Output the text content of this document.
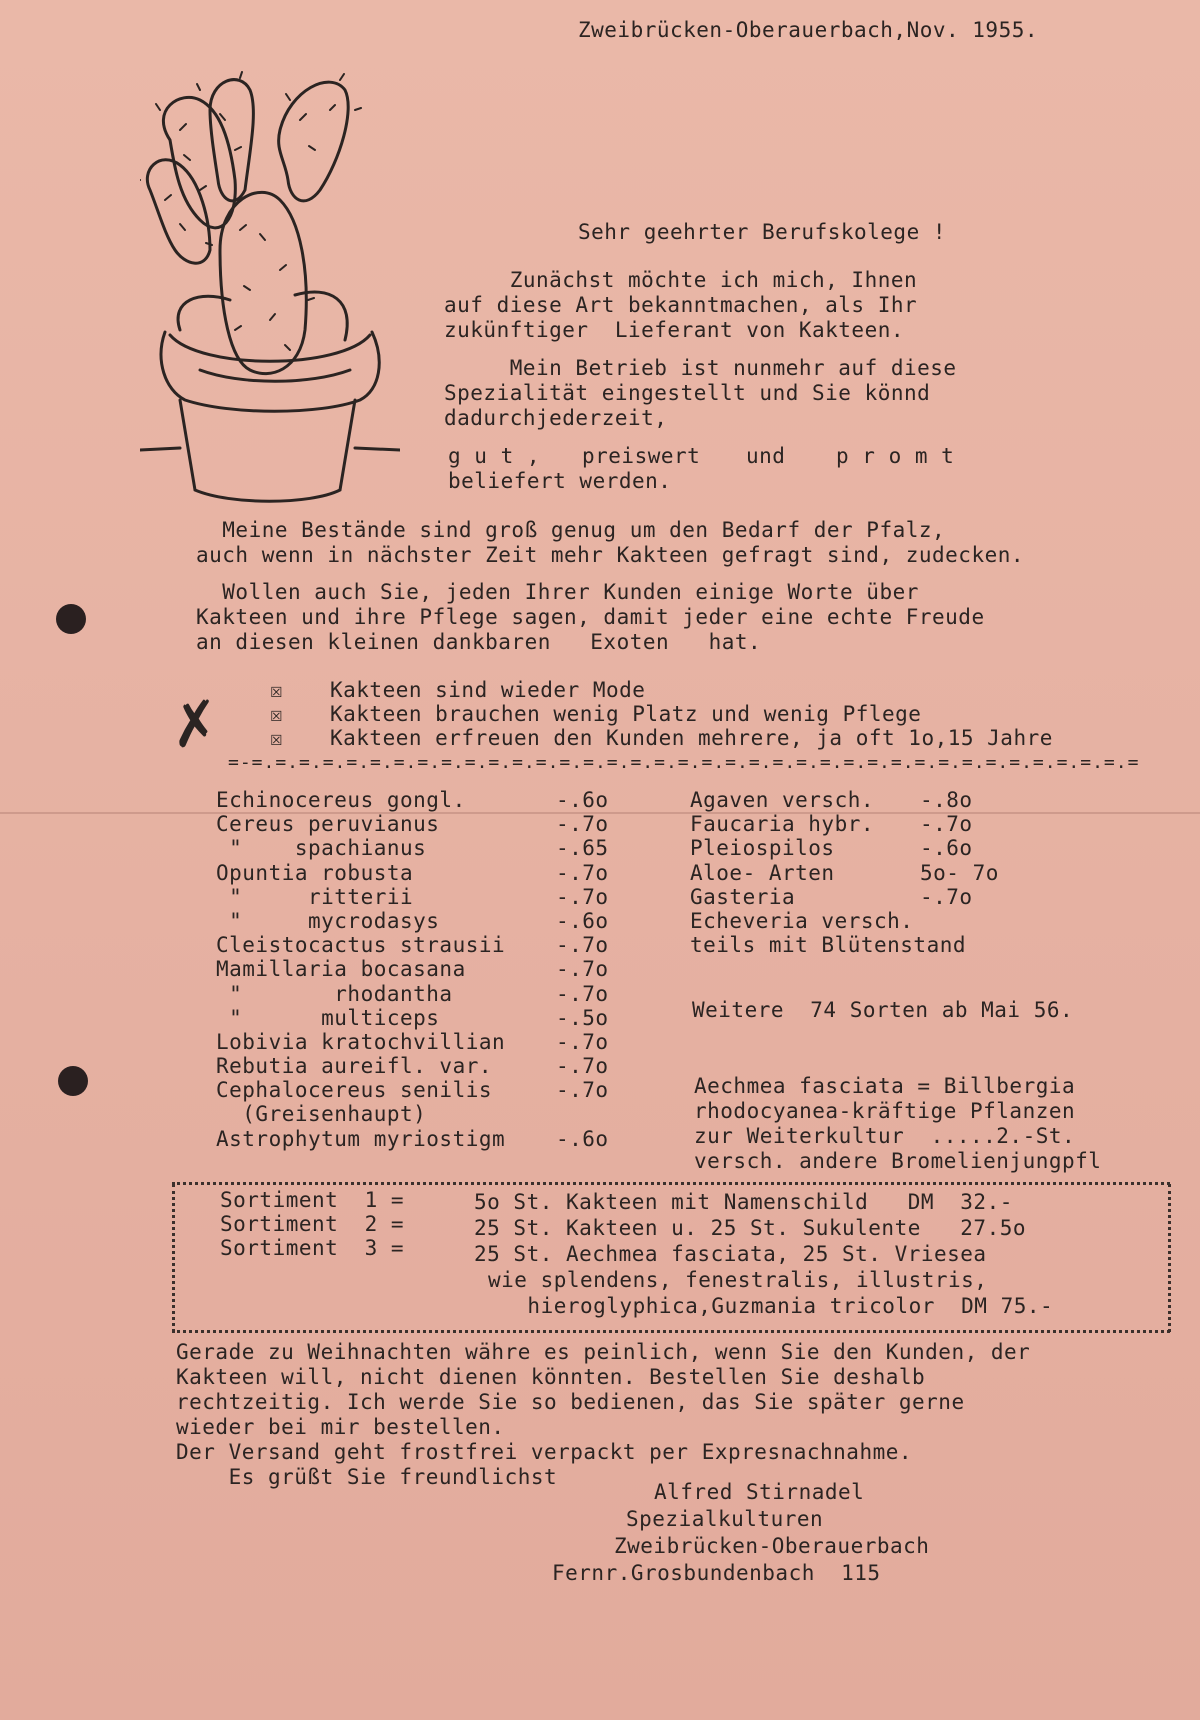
Zweibrücken-Oberauerbach,Nov. 1955.
Sehr geehrter Berufskolege !
Zunächst möchte ich mich, Ihnen
auf diese Art bekanntmachen, als Ihr
zukünftiger  Lieferant von Kakteen.
Mein Betrieb ist nunmehr auf diese
Spezialität eingestellt und Sie könnd
dadurchjederzeit,
g u t , preiswert und p r o m t
beliefert werden.
Meine Bestände sind groß genug um den Bedarf der Pfalz,
auch wenn in nächster Zeit mehr Kakteen gefragt sind, zudecken.
Wollen auch Sie, jeden Ihrer Kunden einige Worte über
Kakteen und ihre Pflege sagen, damit jeder eine echte Freude
an diesen kleinen dankbaren   Exoten   hat.
✗ ☒ Kakteen sind wieder Mode
☒ Kakteen brauchen wenig Platz und wenig Pflege
☒ Kakteen erfreuen den Kunden mehrere, ja oft 1o,15 Jahre
=-=.=.=.=.=.=.=.=.=.=.=.=.=.=.=.=.=.=.=.=.=.=.=.=.=.=.=.=.=.=.=.=.=.=.=.=.=.=
Echinocereus gongl.	-.6o
Cereus peruvianus	-.7o
"    spachianus	-.65
Opuntia robusta	-.7o
"     ritterii	-.7o
"     mycrodasys	-.6o
Cleistocactus strausii	-.7o
Mamillaria bocasana	-.7o
"       rhodantha	-.7o
"      multiceps	-.5o
Lobivia kratochvillian	-.7o
Rebutia aureifl. var.	-.7o
Cephalocereus senilis	-.7o
(Greisenhaupt)
Astrophytum myriostigm	-.6o
Agaven versch.	-.8o
Faucaria hybr.	-.7o
Pleiospilos	-.6o
Aloe- Arten	5o- 7o
Gasteria	-.7o
Echeveria versch.
teils mit Blütenstand
Weitere  74 Sorten ab Mai 56.
Aechmea fasciata = Billbergia
rhodocyanea-kräftige Pflanzen
zur Weiterkultur  .....2.-St.
versch. andere Bromelienjungpfl
Sortiment  1 =	5o St. Kakteen mit Namenschild   DM  32.-
Sortiment  2 =	25 St. Kakteen u. 25 St. Sukulente   27.5o
Sortiment  3 =	25 St. Aechmea fasciata, 25 St. Vriesea
wie splendens, fenestralis, illustris,
hieroglyphica,Guzmania tricolor  DM 75.-
Gerade zu Weihnachten währe es peinlich, wenn Sie den Kunden, der
Kakteen will, nicht dienen könnten. Bestellen Sie deshalb
rechtzeitig. Ich werde Sie so bedienen, das Sie später gerne
wieder bei mir bestellen.
Der Versand geht frostfrei verpackt per Expresnachnahme.
Es grüßt Sie freundlichst
Alfred Stirnadel
Spezialkulturen
Zweibrücken-Oberauerbach
Fernr.Grosbundenbach  115
